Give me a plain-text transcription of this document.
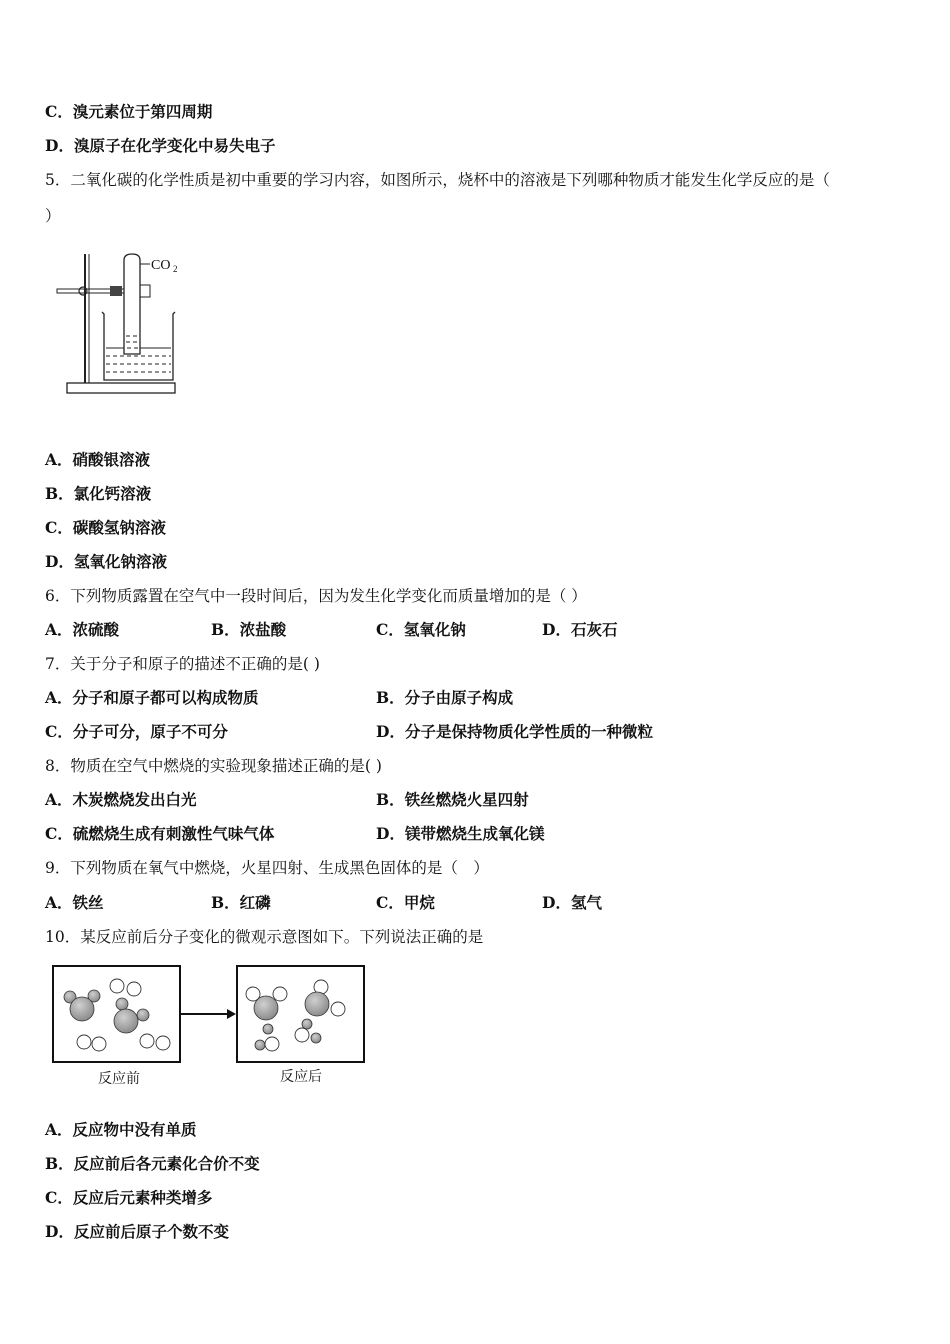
C．溴元素位于第四周期
D．溴原子在化学变化中易失电子
5．二氧化碳的化学性质是初中重要的学习内容，如图所示，烧杯中的溶液是下列哪种物质才能发生化学反应的是（
）
CO 2
A．硝酸银溶液
B．氯化钙溶液
C．碳酸氢钠溶液
D．氢氧化钠溶液
6．下列物质露置在空气中一段时间后，因为发生化学变化而质量增加的是（ ）
A．浓硫酸	B．浓盐酸	C．氢氧化钠	D．石灰石
7．关于分子和原子的描述不正确的是( )
A．分子和原子都可以构成物质	B．分子由原子构成
C．分子可分，原子不可分	D．分子是保持物质化学性质的一种微粒
8．物质在空气中燃烧的实验现象描述正确的是( )
A．木炭燃烧发出白光	B．铁丝燃烧火星四射
C．硫燃烧生成有刺激性气味气体	D．镁带燃烧生成氧化镁
9．下列物质在氧气中燃烧，火星四射、生成黑色固体的是（　）
A．铁丝	B．红磷	C．甲烷	D．氢气
10．某反应前后分子变化的微观示意图如下。下列说法正确的是
反应前	反应后
A．反应物中没有单质
B．反应前后各元素化合价不变
C．反应后元素种类增多
D．反应前后原子个数不变
